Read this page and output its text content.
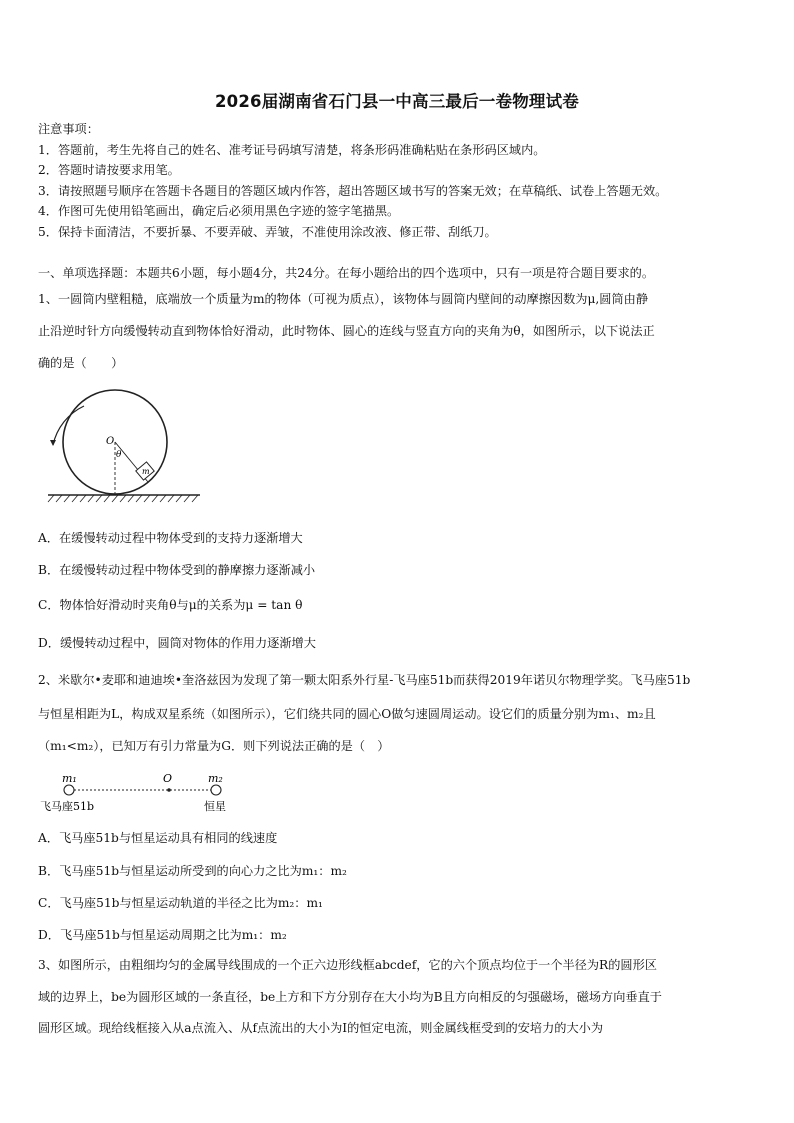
2026届湖南省石门县一中高三最后一卷物理试卷
注意事项：
1．答题前，考生先将自己的姓名、准考证号码填写清楚，将条形码准确粘贴在条形码区域内。
2．答题时请按要求用笔。
3．请按照题号顺序在答题卡各题目的答题区域内作答，超出答题区域书写的答案无效；在草稿纸、试卷上答题无效。
4．作图可先使用铅笔画出，确定后必须用黑色字迹的签字笔描黑。
5．保持卡面清洁，不要折暴、不要弄破、弄皱，不准使用涂改液、修正带、刮纸刀。
一、单项选择题：本题共6小题，每小题4分，共24分。在每小题给出的四个选项中，只有一项是符合题目要求的。
1、一圆筒内壁粗糙，底端放一个质量为m的物体（可视为质点），该物体与圆筒内壁间的动摩擦因数为μ,圆筒由静
止沿逆时针方向缓慢转动直到物体恰好滑动，此时物体、圆心的连线与竖直方向的夹角为θ，如图所示，以下说法正
确的是（　　）
m
O
θ
A．在缓慢转动过程中物体受到的支持力逐渐增大
B．在缓慢转动过程中物体受到的静摩擦力逐渐减小
C．物体恰好滑动时夹角θ与μ的关系为μ = tan θ
D．缓慢转动过程中，圆筒对物体的作用力逐渐增大
2、米歇尔•麦耶和迪迪埃•奎洛兹因为发现了第一颗太阳系外行星-飞马座51b而获得2019年诺贝尔物理学奖。飞马座51b
与恒星相距为L，构成双星系统（如图所示），它们绕共同的圆心O做匀速圆周运动。设它们的质量分别为m₁、m₂且
（m₁<m₂），已知万有引力常量为G．则下列说法正确的是（　）
m₁	O	m₂
飞马座51b	恒星
A．飞马座51b与恒星运动具有相同的线速度
B．飞马座51b与恒星运动所受到的向心力之比为m₁：m₂
C．飞马座51b与恒星运动轨道的半径之比为m₂：m₁
D．飞马座51b与恒星运动周期之比为m₁：m₂
3、如图所示，由粗细均匀的金属导线围成的一个正六边形线框abcdef，它的六个顶点均位于一个半径为R的圆形区
域的边界上，be为圆形区域的一条直径，be上方和下方分别存在大小均为B且方向相反的匀强磁场，磁场方向垂直于
圆形区域。现给线框接入从a点流入、从f点流出的大小为I的恒定电流，则金属线框受到的安培力的大小为
